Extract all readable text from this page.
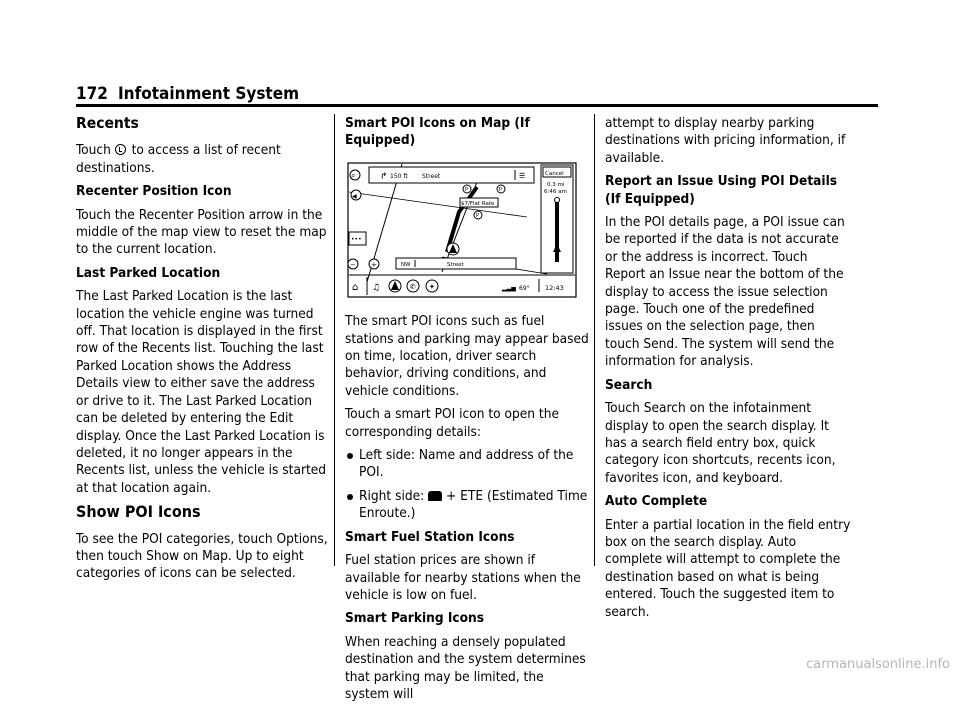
172 Infotainment System
Recents

Touch  to access a list of recent destinations.

Recenter Position Icon

Touch the Recenter Position arrow in the middle of the map view to reset the map to the current location.

Last Parked Location

The Last Parked Location is the last location the vehicle engine was turned off. That location is displayed in the first row of the Recents list. Touching the last Parked Location shows the Address Details view to either save the address or drive to it. The Last Parked Location can be deleted by entering the Edit display. Once the Last Parked Location is deleted, it no longer appears in the Recents list, unless the vehicle is started at that location again.

Show POI Icons

To see the POI categories, touch Options, then touch Show on Map. Up to eight categories of icons can be selected.

Smart POI Icons on Map (If Equipped)

↱ 150 ft Street	☰
⌕
◀
Cancel
0.3 mi
6:46 am
P	P
P
$7/Flat Rate
•••
− +	NW	Street
⌂ ♫	✆ ✦	▂▃▅ 69° 12:43

The smart POI icons such as fuel stations and parking may appear based on time, location, driver search behavior, driving conditions, and vehicle conditions.

Touch a smart POI icon to open the corresponding details:

Left side: Name and address of the POI.

Right side:  + ETE (Estimated Time Enroute.)

Smart Fuel Station Icons

Fuel station prices are shown if available for nearby stations when the vehicle is low on fuel.

Smart Parking Icons

When reaching a densely populated destination and the system determines that parking may be limited, the system will

attempt to display nearby parking destinations with pricing information, if available.

Report an Issue Using POI Details (If Equipped)

In the POI details page, a POI issue can be reported if the data is not accurate or the address is incorrect. Touch Report an Issue near the bottom of the display to access the issue selection page. Touch one of the predefined issues on the selection page, then touch Send. The system will send the information for analysis.

Search

Touch Search on the infotainment display to open the search display. It has a search field entry box, quick category icon shortcuts, recents icon, favorites icon, and keyboard.

Auto Complete

Enter a partial location in the field entry box on the search display. Auto complete will attempt to complete the destination based on what is being entered. Touch the suggested item to search.

carmanualsonline.info
